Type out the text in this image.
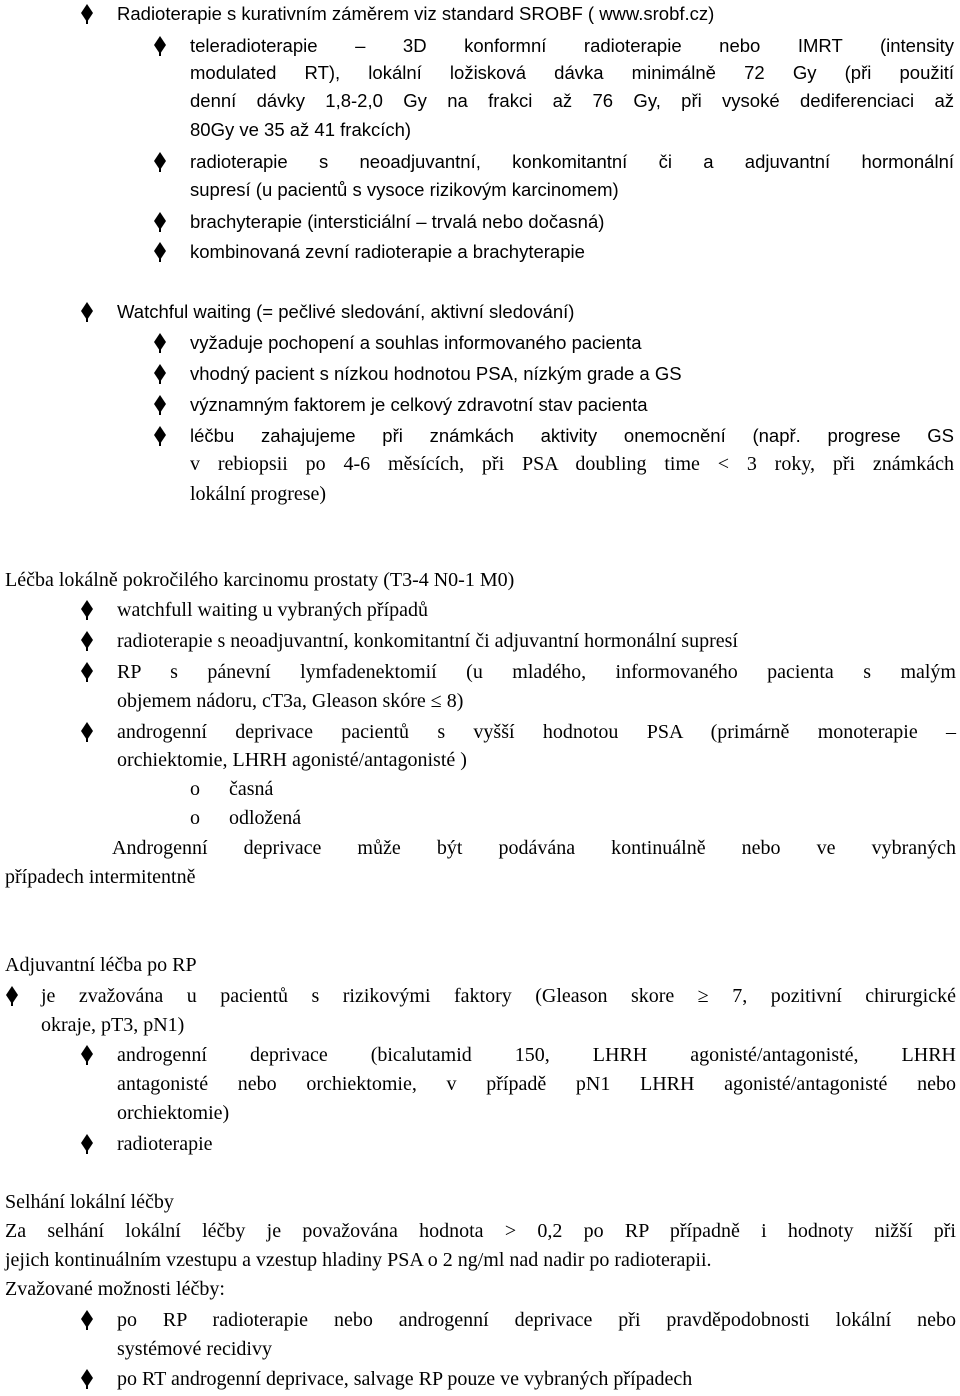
Radioterapie s kurativním záměrem viz standard SROBF ( www.srobf.cz)
teleradioterapie – 3D konformní radioterapie nebo IMRT (intensity
modulated RT), lokální ložisková dávka minimálně 72 Gy (při použití
denní dávky 1,8-2,0 Gy na frakci až 76 Gy, při vysoké dediferenciaci až
80Gy ve 35 až 41 frakcích)
radioterapie s neoadjuvantní, konkomitantní či a adjuvantní hormonální
supresí (u pacientů s vysoce rizikovým karcinomem)
brachyterapie (intersticiální – trvalá nebo dočasná)
kombinovaná zevní radioterapie a brachyterapie
Watchful waiting (= pečlivé sledování, aktivní sledování)
vyžaduje pochopení a souhlas informovaného pacienta
vhodný pacient s nízkou hodnotou PSA, nízkým grade a GS
významným faktorem je celkový zdravotní stav pacienta
léčbu zahajujeme při známkách aktivity onemocnění (např. progrese GS
v rebiopsii po 4-6 měsících, při PSA doubling time < 3 roky, při známkách
lokální progrese)
Léčba lokálně pokročilého karcinomu prostaty (T3-4 N0-1 M0)
watchfull waiting u vybraných případů
radioterapie s neoadjuvantní, konkomitantní či adjuvantní hormonální supresí
RP s pánevní lymfadenektomií (u mladého, informovaného pacienta s malým
objemem nádoru, cT3a, Gleason skóre ≤ 8)
androgenní deprivace pacientů s vyšší hodnotou PSA (primárně monoterapie –
orchiektomie, LHRH agonisté/antagonisté )
o časná
o odložená
Androgenní deprivace může být podávána kontinuálně nebo ve vybraných
případech intermitentně
Adjuvantní léčba po RP
je zvažována u pacientů s rizikovými faktory (Gleason skore ≥ 7, pozitivní chirurgické
okraje, pT3, pN1)
androgenní deprivace (bicalutamid 150, LHRH agonisté/antagonisté, LHRH
antagonisté nebo orchiektomie, v případě pN1 LHRH agonisté/antagonisté nebo
orchiektomie)
radioterapie
Selhání lokální léčby
Za selhání lokální léčby je považována hodnota > 0,2 po RP případně i hodnoty nižší při
jejich kontinuálním vzestupu a vzestup hladiny PSA o 2 ng/ml nad nadir po radioterapii.
Zvažované možnosti léčby:
po RP radioterapie nebo androgenní deprivace při pravděpodobnosti lokální nebo
systémové recidivy
po RT androgenní deprivace, salvage RP pouze ve vybraných případech
